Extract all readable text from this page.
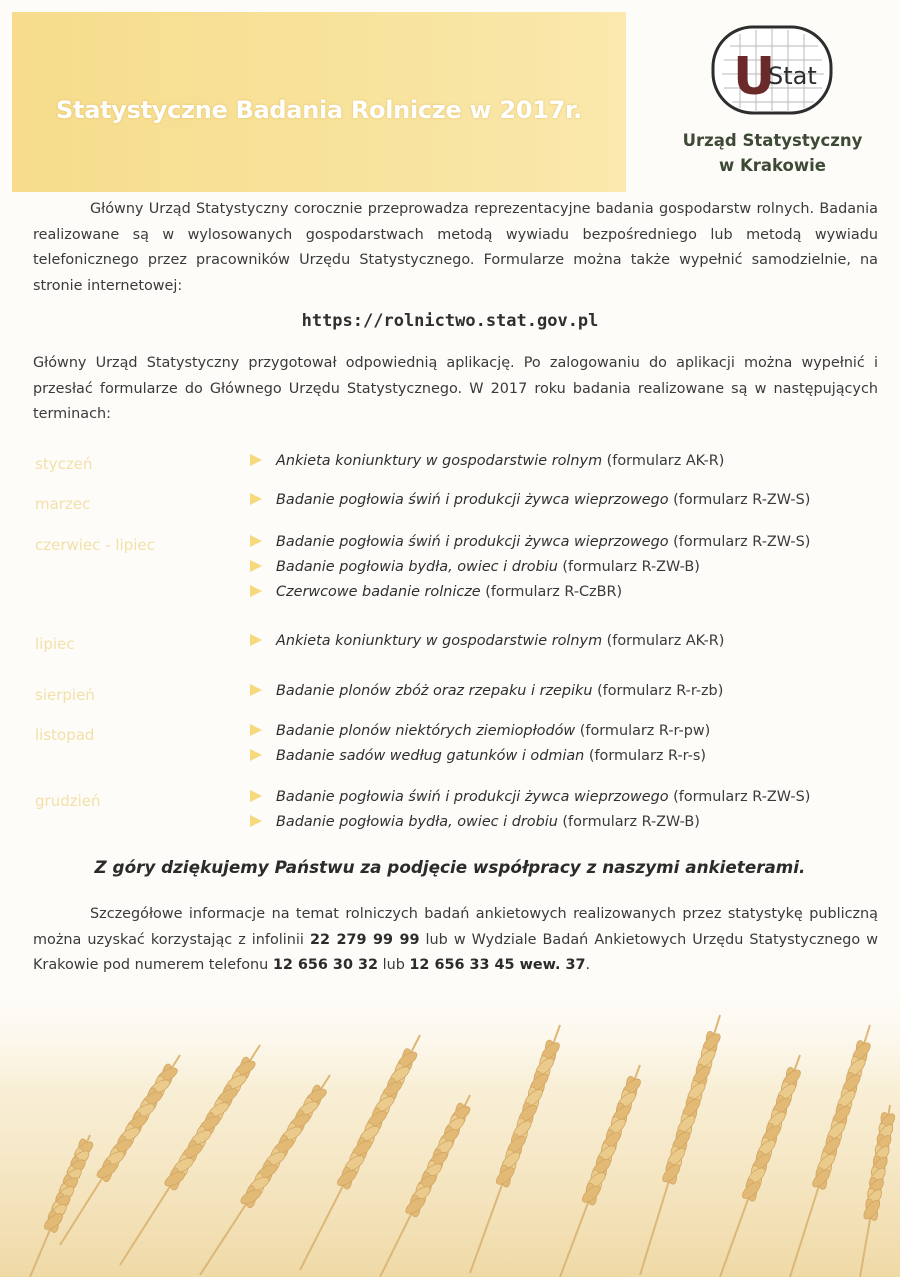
Statystyczne Badania Rolnicze w 2017r.
U
Stat
Urząd Statystyczny
w Krakowie

Główny Urząd Statystyczny corocznie przeprowadza reprezentacyjne badania gospodarstw rolnych. Badania realizowane są w wylosowanych gospodarstwach metodą wywiadu bezpośredniego lub metodą wywiadu telefonicznego przez pracowników Urzędu Statystycznego. Formularze można także wypełnić samodzielnie, na stronie internetowej:

https://rolnictwo.stat.gov.pl

Główny Urząd Statystyczny przygotował odpowiednią aplikację. Po zalogowaniu do aplikacji można wypełnić i przesłać formularze do Głównego Urzędu Statystycznego. W 2017 roku badania realizowane są w następujących terminach:

styczeń	Ankieta koniunktury w gospodarstwie rolnym (formularz AK-R)
marzec	Badanie pogłowia świń i produkcji żywca wieprzowego (formularz R-ZW-S)
czerwiec - lipiec	Badanie pogłowia świń i produkcji żywca wieprzowego (formularz R-ZW-S)
Badanie pogłowia bydła, owiec i drobiu (formularz R-ZW-B)
Czerwcowe badanie rolnicze (formularz R-CzBR)
lipiec	Ankieta koniunktury w gospodarstwie rolnym (formularz AK-R)
sierpień	Badanie plonów zbóż oraz rzepaku i rzepiku (formularz R-r-zb)
listopad	Badanie plonów niektórych ziemiopłodów (formularz R-r-pw)
Badanie sadów według gatunków i odmian (formularz R-r-s)
grudzień	Badanie pogłowia świń i produkcji żywca wieprzowego (formularz R-ZW-S)
Badanie pogłowia bydła, owiec i drobiu (formularz R-ZW-B)
Z góry dziękujemy Państwu za podjęcie współpracy z naszymi ankieterami.

Szczegółowe informacje na temat rolniczych badań ankietowych realizowanych przez statystykę publiczną można uzyskać korzystając z infolinii 22 279 99 99 lub w Wydziale Badań Ankietowych Urzędu Statystycznego w Krakowie pod numerem telefonu 12 656 30 32 lub 12 656 33 45 wew. 37.
